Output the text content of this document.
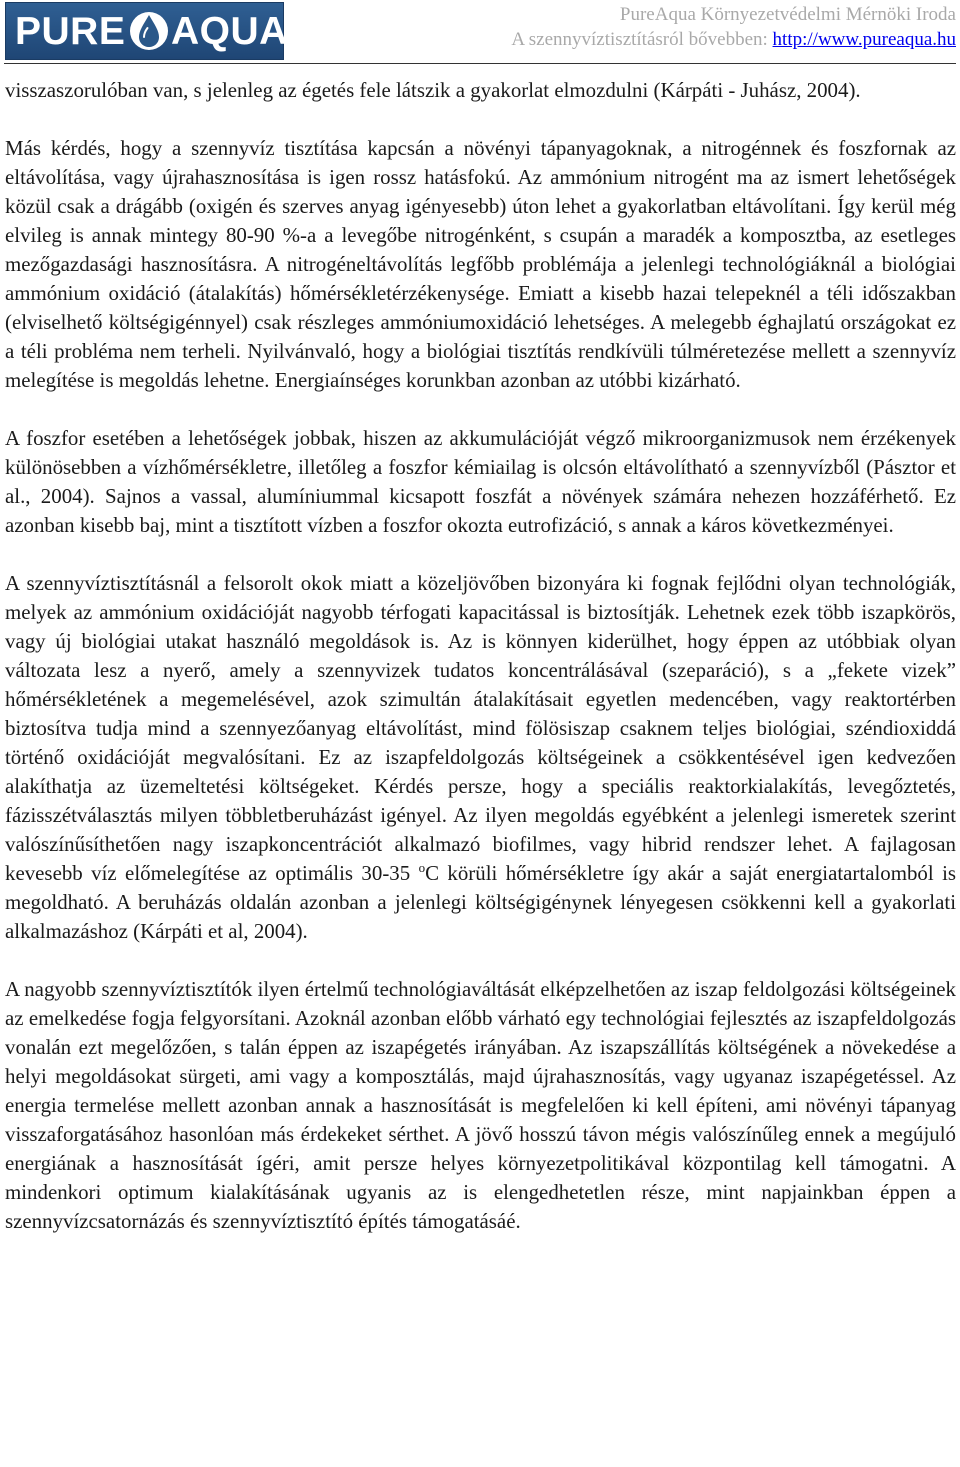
PURE AQUA	PureAqua Környezetvédelmi Mérnöki Iroda
A szennyvíztisztításról bővebben: http://www.pureaqua.hu

visszaszorulóban van, s jelenleg az égetés fele látszik a gyakorlat elmozdulni (Kárpáti - Juhász, 2004).

Más kérdés, hogy a szennyvíz tisztítása kapcsán a növényi tápanyagoknak, a nitrogénnek és foszfornak az eltávolítása, vagy újrahasznosítása is igen rossz hatásfokú. Az ammónium nitrogént ma az ismert lehetőségek közül csak a drágább (oxigén és szerves anyag igényesebb) úton lehet a gyakorlatban eltávolítani. Így kerül még elvileg is annak mintegy 80-90 %-a a levegőbe nitrogénként, s csupán a maradék a komposztba, az esetleges mezőgazdasági hasznosításra. A nitrogéneltávolítás legfőbb problémája a jelenlegi technológiáknál a biológiai ammónium oxidáció (átalakítás) hőmérsékletérzékenysége. Emiatt a kisebb hazai telepeknél a téli időszakban (elviselhető költségigénnyel) csak részleges ammóniumoxidáció lehetséges. A melegebb éghajlatú országokat ez a téli probléma nem terheli. Nyilvánvaló, hogy a biológiai tisztítás rendkívüli túlméretezése mellett a szennyvíz melegítése is megoldás lehetne. Energiaínséges korunkban azonban az utóbbi kizárható.

A foszfor esetében a lehetőségek jobbak, hiszen az akkumulációját végző mikroorganizmusok nem érzékenyek különösebben a vízhőmérsékletre, illetőleg a foszfor kémiailag is olcsón eltávolítható a szennyvízből (Pásztor et al., 2004). Sajnos a vassal, alumíniummal kicsapott foszfát a növények számára nehezen hozzáférhető. Ez azonban kisebb baj, mint a tisztított vízben a foszfor okozta eutrofizáció, s annak a káros következményei.

A szennyvíztisztításnál a felsorolt okok miatt a közeljövőben bizonyára ki fognak fejlődni olyan technológiák, melyek az ammónium oxidációját nagyobb térfogati kapacitással is biztosítják. Lehetnek ezek több iszapkörös, vagy új biológiai utakat használó megoldások is. Az is könnyen kiderülhet, hogy éppen az utóbbiak olyan változata lesz a nyerő, amely a szennyvizek tudatos koncentrálásával (szeparáció), s a „fekete vizek” hőmérsékletének a megemelésével, azok szimultán átalakításait egyetlen medencében, vagy reaktortérben biztosítva tudja mind a szennyezőanyag eltávolítást, mind fölösiszap csaknem teljes biológiai, széndioxiddá történő oxidációját megvalósítani. Ez az iszapfeldolgozás költségeinek a csökkentésével igen kedvezően alakíthatja az üzemeltetési költségeket. Kérdés persze, hogy a speciális reaktorkialakítás, levegőztetés, fázisszétválasztás milyen többletberuházást igényel. Az ilyen megoldás egyébként a jelenlegi ismeretek szerint valószínűsíthetően nagy iszapkoncentrációt alkalmazó biofilmes, vagy hibrid rendszer lehet. A fajlagosan kevesebb víz előmelegítése az optimális 30-35 $^o$C körüli hőmérsékletre így akár a saját energiatartalomból is megoldható. A beruházás oldalán azonban a jelenlegi költségigénynek lényegesen csökkenni kell a gyakorlati alkalmazáshoz (Kárpáti et al, 2004).

A nagyobb szennyvíztisztítók ilyen értelmű technológiaváltását elképzelhetően az iszap feldolgozási költségeinek az emelkedése fogja felgyorsítani. Azoknál azonban előbb várható egy technológiai fejlesztés az iszapfeldolgozás vonalán ezt megelőzően, s talán éppen az iszapégetés irányában. Az iszapszállítás költségének a növekedése a helyi megoldásokat sürgeti, ami vagy a komposztálás, majd újrahasznosítás, vagy ugyanaz iszapégetéssel. Az energia termelése mellett azonban annak a hasznosítását is megfelelően ki kell építeni, ami növényi tápanyag visszaforgatásához hasonlóan más érdekeket sérthet. A jövő hosszú távon mégis valószínűleg ennek a megújuló energiának a hasznosítását ígéri, amit persze helyes környezetpolitikával központilag kell támogatni. A mindenkori optimum kialakításának ugyanis az is elengedhetetlen része, mint napjainkban éppen a szennyvízcsatornázás és szennyvíztisztító építés támogatásáé.
